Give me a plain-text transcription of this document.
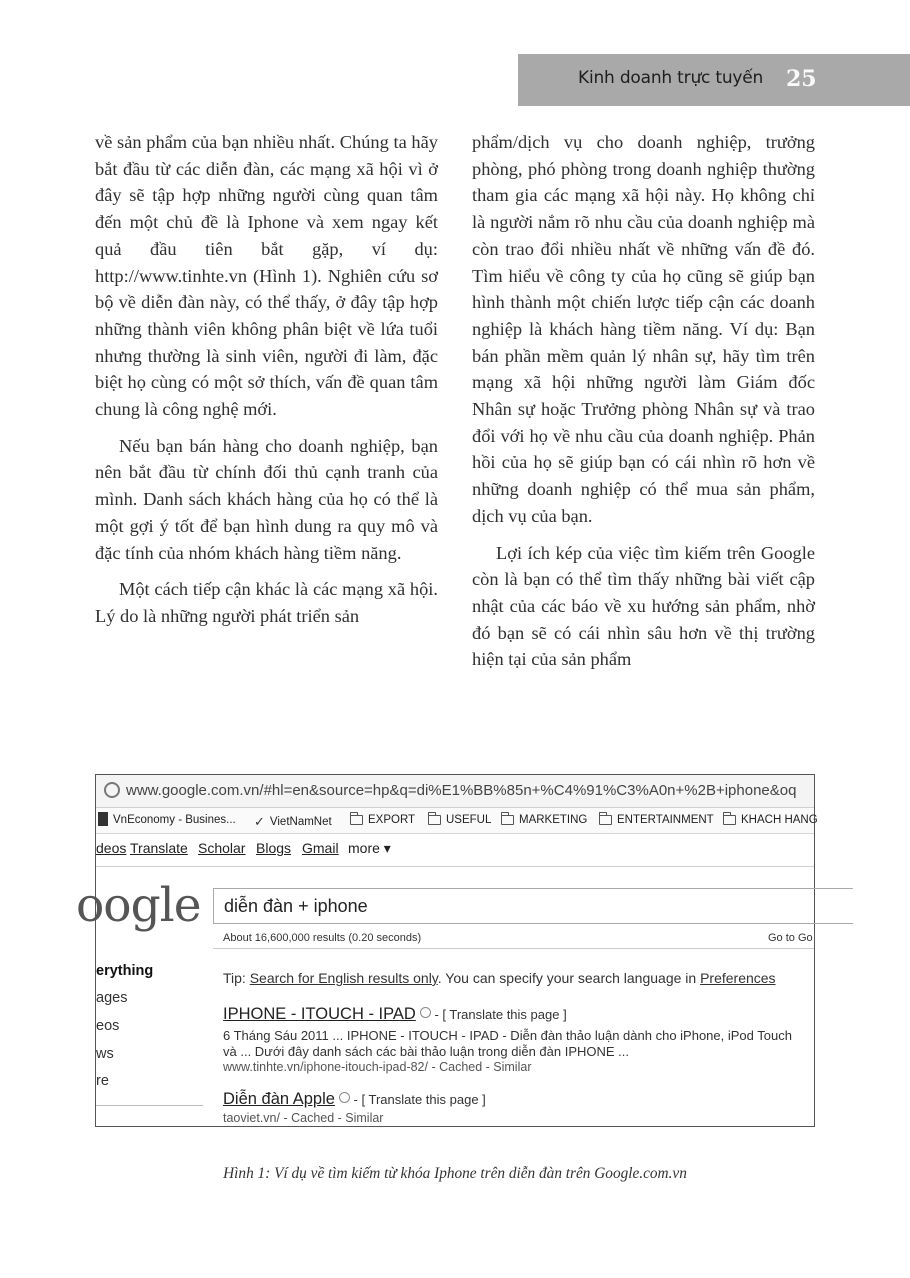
Kinh doanh trực tuyến 25

về sản phẩm của bạn nhiều nhất. Chúng ta hãy bắt đầu từ các diễn đàn, các mạng xã hội vì ở đây sẽ tập hợp những người cùng quan tâm đến một chủ đề là Iphone và xem ngay kết quả đầu tiên bắt gặp, ví dụ: http://www.tinhte.vn (Hình 1). Nghiên cứu sơ bộ về diễn đàn này, có thể thấy, ở đây tập hợp những thành viên không phân biệt về lứa tuổi nhưng thường là sinh viên, người đi làm, đặc biệt họ cùng có một sở thích, vấn đề quan tâm chung là công nghệ mới.

Nếu bạn bán hàng cho doanh nghiệp, bạn nên bắt đầu từ chính đối thủ cạnh tranh của mình. Danh sách khách hàng của họ có thể là một gợi ý tốt để bạn hình dung ra quy mô và đặc tính của nhóm khách hàng tiềm năng.

Một cách tiếp cận khác là các mạng xã hội. Lý do là những người phát triển sản

phẩm/dịch vụ cho doanh nghiệp, trưởng phòng, phó phòng trong doanh nghiệp thường tham gia các mạng xã hội này. Họ không chỉ là người nắm rõ nhu cầu của doanh nghiệp mà còn trao đổi nhiều nhất về những vấn đề đó. Tìm hiểu về công ty của họ cũng sẽ giúp bạn hình thành một chiến lược tiếp cận các doanh nghiệp là khách hàng tiềm năng. Ví dụ: Bạn bán phần mềm quản lý nhân sự, hãy tìm trên mạng xã hội những người làm Giám đốc Nhân sự hoặc Trưởng phòng Nhân sự và trao đổi với họ về nhu cầu của doanh nghiệp. Phản hồi của họ sẽ giúp bạn có cái nhìn rõ hơn về những doanh nghiệp có thể mua sản phẩm, dịch vụ của bạn.

Lợi ích kép của việc tìm kiếm trên Google còn là bạn có thể tìm thấy những bài viết cập nhật của các báo về xu hướng sản phẩm, nhờ đó bạn sẽ có cái nhìn sâu hơn về thị trường hiện tại của sản phẩm

www.google.com.vn/#hl=en&source=hp&q=di%E1%BB%85n+%C4%91%C3%A0n+%2B+iphone&oq
VnEconomy - Busines... ✓ VietNamNet	EXPORT	USEFUL MARKETING	ENTERTAINMENT KHACH HANG
deos Translate Scholar Blogs Gmail more ▾
oogle diễn đàn + iphone
About 16,600,000 results (0.20 seconds)	Go to Go
erything
ages
eos
ws
re
Tip: Search for English results only. You can specify your search language in Preferences
IPHONE - ITOUCH - IPAD - [ Translate this page ]
6 Tháng Sáu 2011 ... IPHONE - ITOUCH - IPAD - Diễn đàn thảo luận dành cho iPhone, iPod Touch và ... Dưới đây danh sách các bài thảo luận trong diễn đàn IPHONE ...
www.tinhte.vn/iphone-itouch-ipad-82/ - Cached - Similar
Diễn đàn Apple - [ Translate this page ]
taoviet.vn/ - Cached - Similar
Hình 1: Ví dụ về tìm kiếm từ khóa Iphone trên diễn đàn trên Google.com.vn
